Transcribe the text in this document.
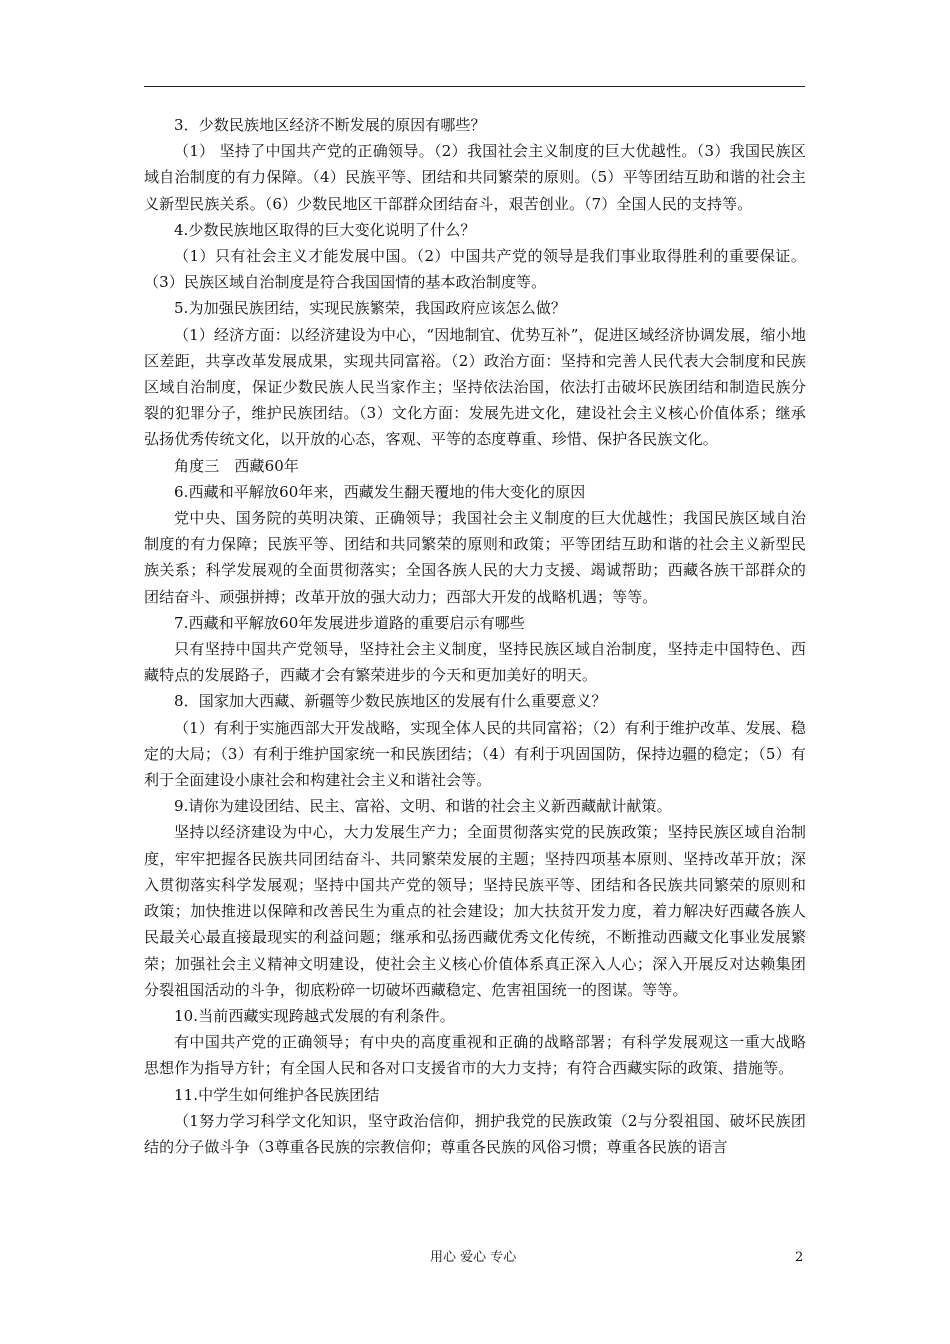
3．少数民族地区经济不断发展的原因有哪些？

（1） 坚持了中国共产党的正确领导。（2）我国社会主义制度的巨大优越性。（3）我国民族区域自治制度的有力保障。（4）民族平等、团结和共同繁荣的原则。（5）平等团结互助和谐的社会主义新型民族关系。（6）少数民地区干部群众团结奋斗，艰苦创业。（7）全国人民的支持等。

4.少数民族地区取得的巨大变化说明了什么？

（1）只有社会主义才能发展中国。（2）中国共产党的领导是我们事业取得胜利的重要保证。（3）民族区域自治制度是符合我国国情的基本政治制度等。

5.为加强民族团结，实现民族繁荣，我国政府应该怎么做？

（1）经济方面：以经济建设为中心，“因地制宜、优势互补”，促进区域经济协调发展，缩小地区差距，共享改革发展成果，实现共同富裕。（2）政治方面：坚持和完善人民代表大会制度和民族区域自治制度，保证少数民族人民当家作主；坚持依法治国，依法打击破坏民族团结和制造民族分裂的犯罪分子，维护民族团结。（3）文化方面：发展先进文化，建设社会主义核心价值体系；继承弘扬优秀传统文化，以开放的心态，客观、平等的态度尊重、珍惜、保护各民族文化。

角度三　西藏60年

6.西藏和平解放60年来，西藏发生翻天覆地的伟大变化的原因

党中央、国务院的英明决策、正确领导；我国社会主义制度的巨大优越性；我国民族区域自治制度的有力保障；民族平等、团结和共同繁荣的原则和政策；平等团结互助和谐的社会主义新型民族关系；科学发展观的全面贯彻落实；全国各族人民的大力支援、竭诚帮助；西藏各族干部群众的团结奋斗、顽强拼搏；改革开放的强大动力；西部大开发的战略机遇；等等。

7.西藏和平解放60年发展进步道路的重要启示有哪些

只有坚持中国共产党领导，坚持社会主义制度，坚持民族区域自治制度，坚持走中国特色、西藏特点的发展路子，西藏才会有繁荣进步的今天和更加美好的明天。

8．国家加大西藏、新疆等少数民族地区的发展有什么重要意义？

（1）有利于实施西部大开发战略，实现全体人民的共同富裕；（2）有利于维护改革、发展、稳定的大局；（3）有利于维护国家统一和民族团结；（4）有利于巩固国防，保持边疆的稳定；（5）有利于全面建设小康社会和构建社会主义和谐社会等。

9.请你为建设团结、民主、富裕、文明、和谐的社会主义新西藏献计献策。

坚持以经济建设为中心，大力发展生产力；全面贯彻落实党的民族政策；坚持民族区域自治制度，牢牢把握各民族共同团结奋斗、共同繁荣发展的主题；坚持四项基本原则、坚持改革开放；深入贯彻落实科学发展观；坚持中国共产党的领导；坚持民族平等、团结和各民族共同繁荣的原则和政策；加快推进以保障和改善民生为重点的社会建设；加大扶贫开发力度，着力解决好西藏各族人民最关心最直接最现实的利益问题；继承和弘扬西藏优秀文化传统，不断推动西藏文化事业发展繁荣；加强社会主义精神文明建设，使社会主义核心价值体系真正深入人心；深入开展反对达赖集团分裂祖国活动的斗争，彻底粉碎一切破坏西藏稳定、危害祖国统一的图谋。等等。

10.当前西藏实现跨越式发展的有利条件。

有中国共产党的正确领导；有中央的高度重视和正确的战略部署；有科学发展观这一重大战略思想作为指导方针；有全国人民和各对口支援省市的大力支持；有符合西藏实际的政策、措施等。

11.中学生如何维护各民族团结

（1努力学习科学文化知识，坚守政治信仰，拥护我党的民族政策（2与分裂祖国、破坏民族团结的分子做斗争（3尊重各民族的宗教信仰；尊重各民族的风俗习惯；尊重各民族的语言

用心 爱心 专心	2
